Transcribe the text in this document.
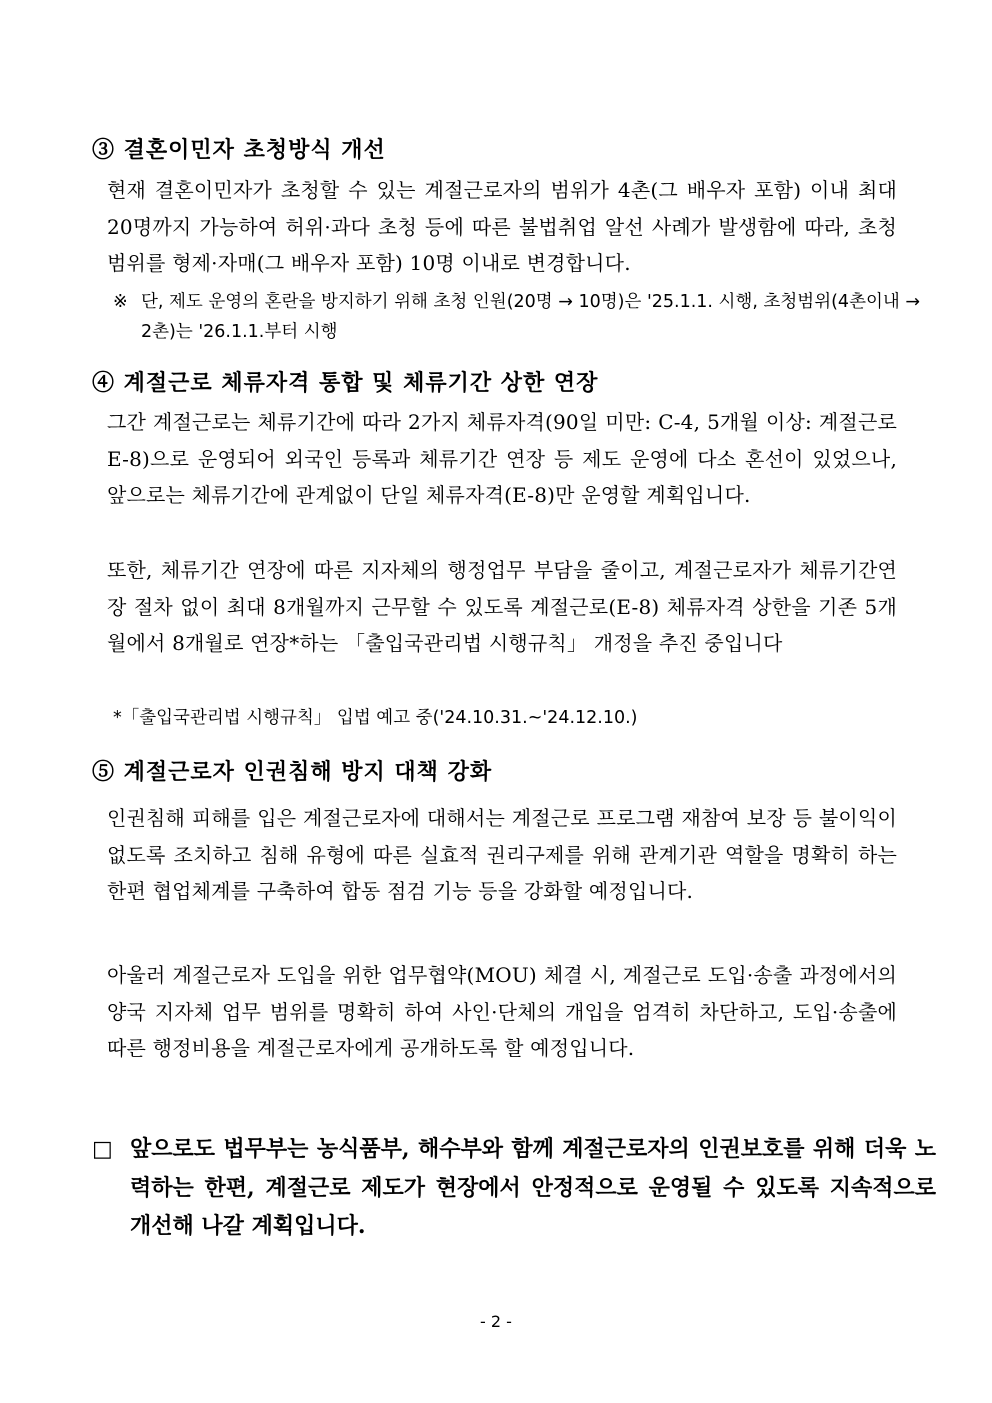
③ 결혼이민자 초청방식 개선

현재 결혼이민자가 초청할 수 있는 계절근로자의 범위가 4촌(그 배우자 포함) 이내 최대 20명까지 가능하여 허위·과다 초청 등에 따른 불법취업 알선 사례가 발생함에 따라, 초청 범위를 형제·자매(그 배우자 포함) 10명 이내로 변경합니다.

※ 단, 제도 운영의 혼란을 방지하기 위해 초청 인원(20명 → 10명)은 '25.1.1. 시행, 초청범위(4촌이내 → 2촌)는 '26.1.1.부터 시행

④ 계절근로 체류자격 통합 및 체류기간 상한 연장

그간 계절근로는 체류기간에 따라 2가지 체류자격(90일 미만: C-4, 5개월 이상: 계절근로 E-8)으로 운영되어 외국인 등록과 체류기간 연장 등 제도 운영에 다소 혼선이 있었으나, 앞으로는 체류기간에 관계없이 단일 체류자격(E-8)만 운영할 계획입니다.

또한, 체류기간 연장에 따른 지자체의 행정업무 부담을 줄이고, 계절근로자가 체류기간연장 절차 없이 최대 8개월까지 근무할 수 있도록 계절근로(E-8) 체류자격 상한을 기존 5개월에서 8개월로 연장*하는 「출입국관리법 시행규칙」 개정을 추진 중입니다

*「출입국관리법 시행규칙」 입법 예고 중('24.10.31.~'24.12.10.)

⑤ 계절근로자 인권침해 방지 대책 강화

인권침해 피해를 입은 계절근로자에 대해서는 계절근로 프로그램 재참여 보장 등 불이익이 없도록 조치하고 침해 유형에 따른 실효적 권리구제를 위해 관계기관 역할을 명확히 하는 한편 협업체계를 구축하여 합동 점검 기능 등을 강화할 예정입니다.

아울러 계절근로자 도입을 위한 업무협약(MOU) 체결 시, 계절근로 도입·송출 과정에서의 양국 지자체 업무 범위를 명확히 하여 사인·단체의 개입을 엄격히 차단하고, 도입·송출에 따른 행정비용을 계절근로자에게 공개하도록 할 예정입니다.

□ 앞으로도 법무부는 농식품부, 해수부와 함께 계절근로자의 인권보호를 위해 더욱 노력하는 한편, 계절근로 제도가 현장에서 안정적으로 운영될 수 있도록 지속적으로 개선해 나갈 계획입니다.

- 2 -
